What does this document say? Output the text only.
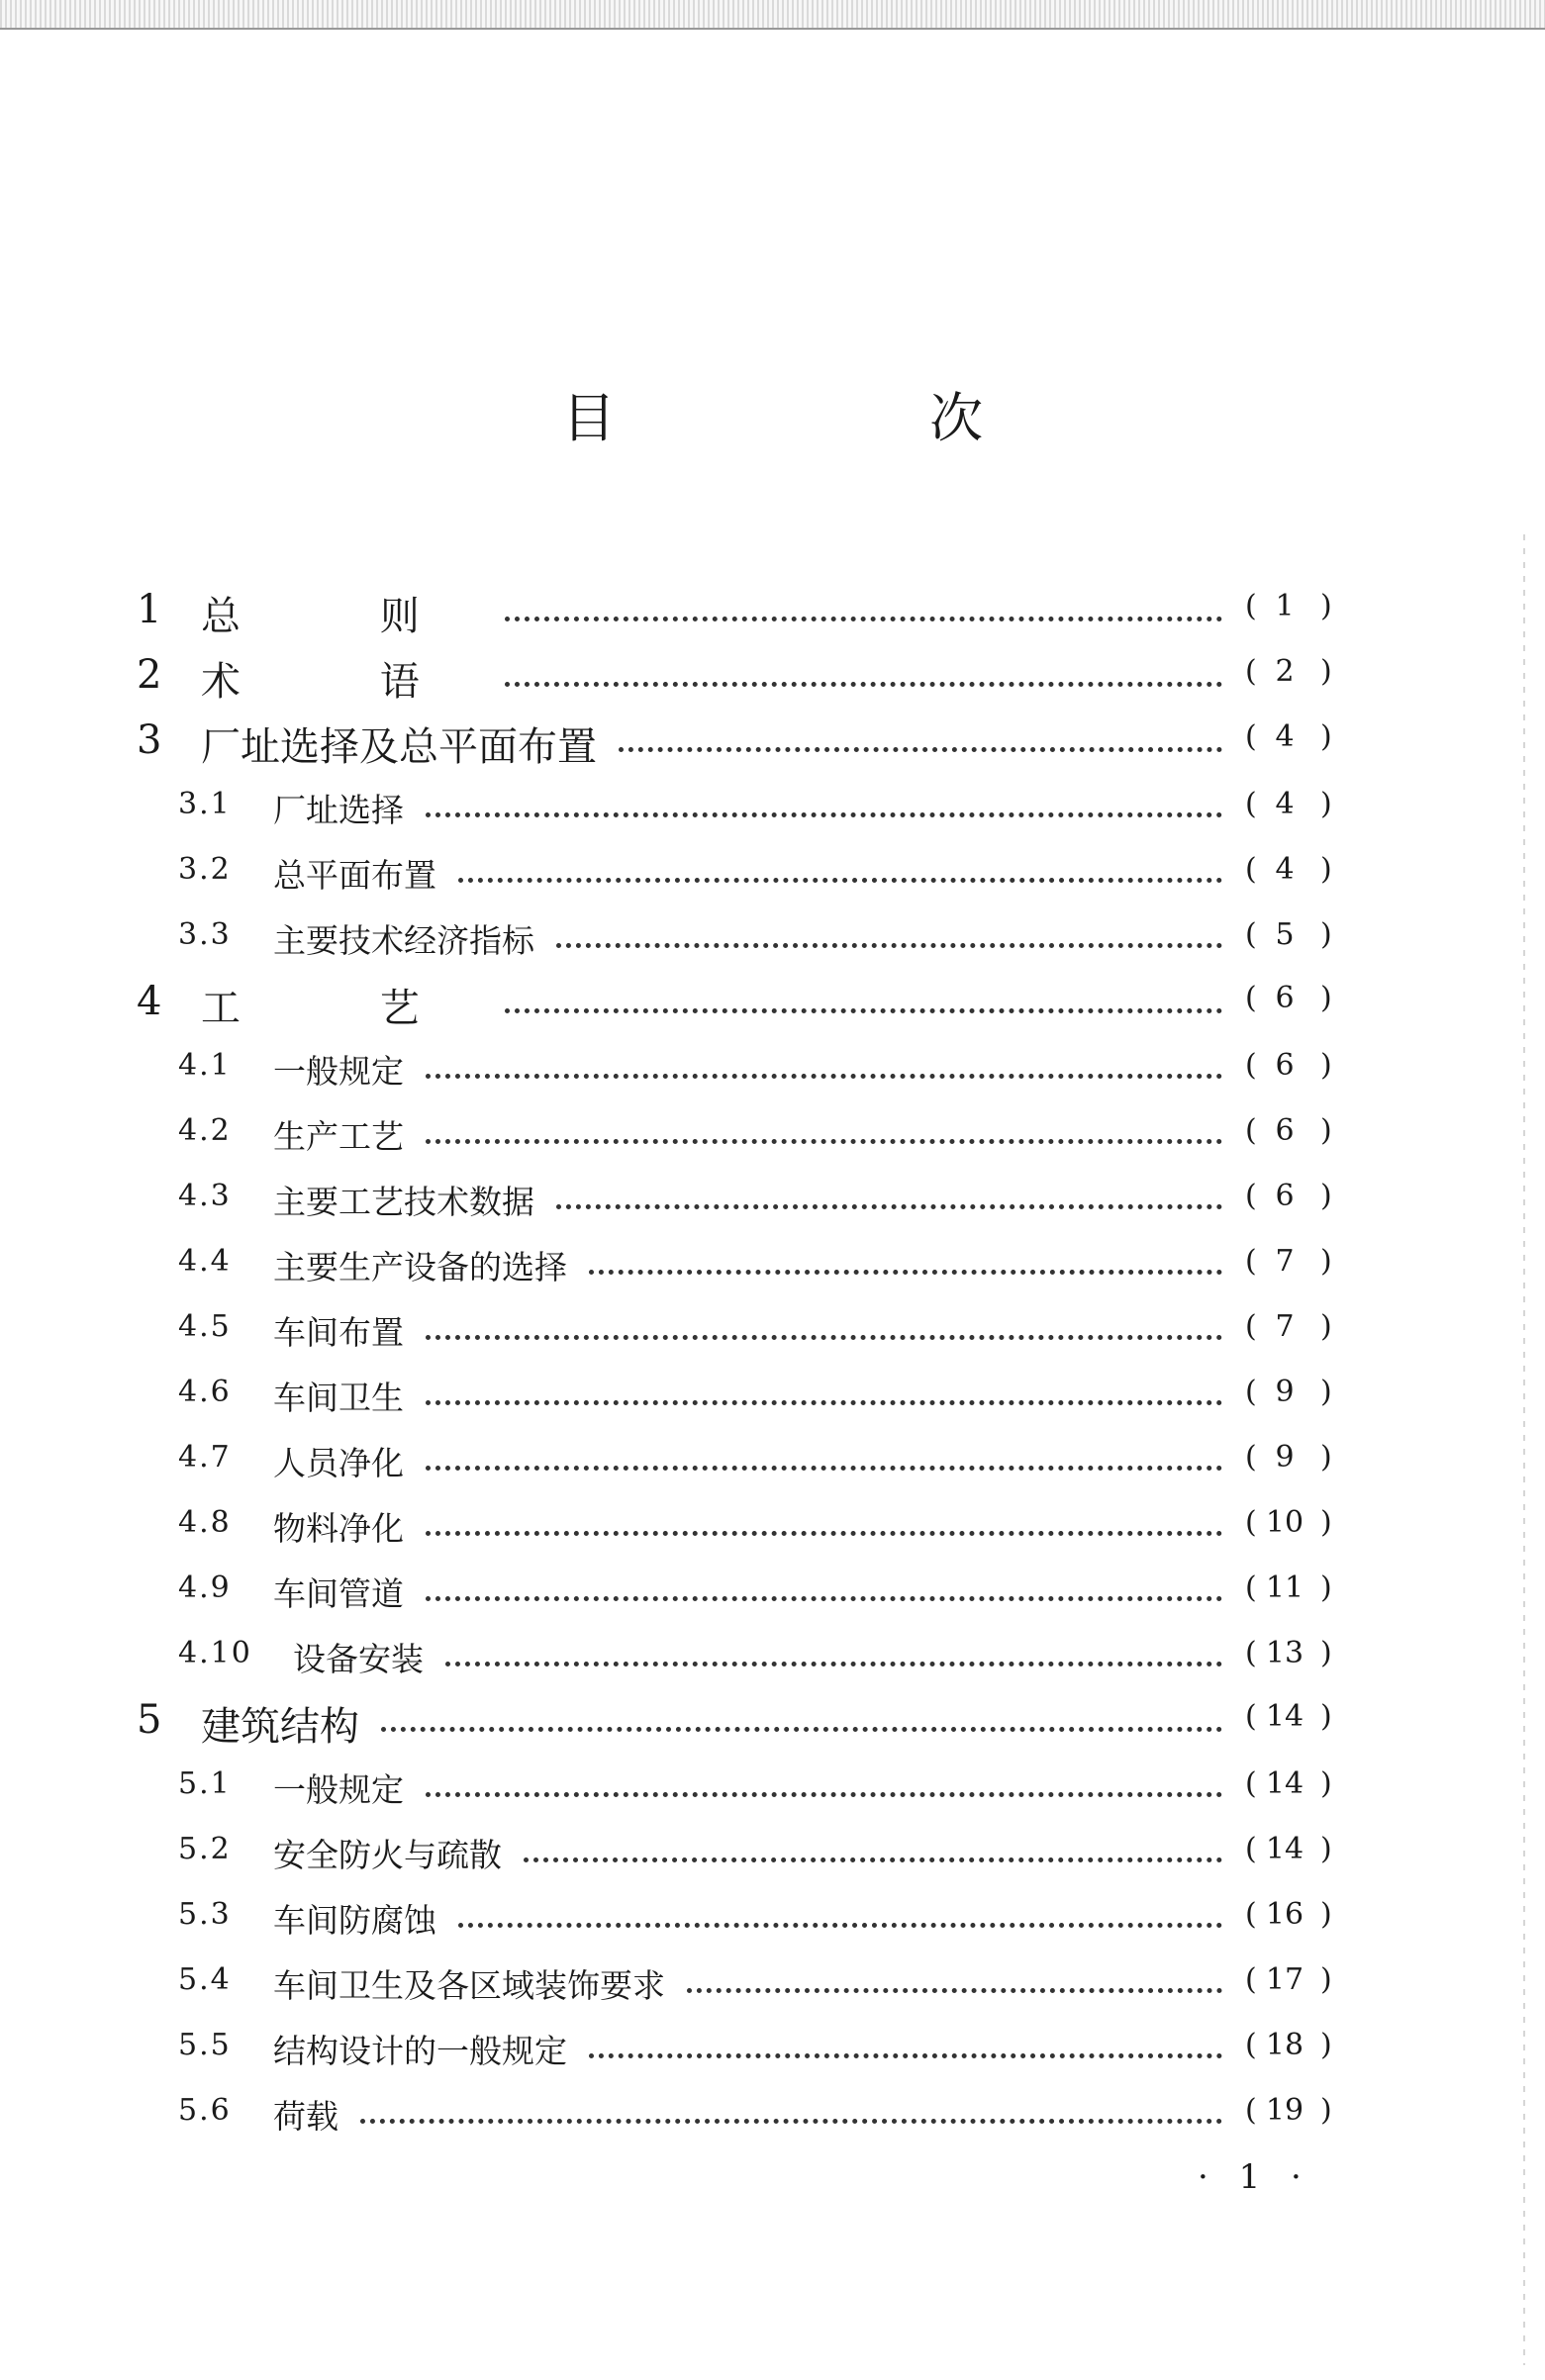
目 次
1 总 则	( 1 )
2 术 语	( 2 )
3 厂址选择及总平面布置	( 4 )
3.1 厂址选择	( 4 )
3.2 总平面布置	( 4 )
3.3 主要技术经济指标	( 5 )
4 工 艺	( 6 )
4.1 一般规定	( 6 )
4.2 生产工艺	( 6 )
4.3 主要工艺技术数据	( 6 )
4.4 主要生产设备的选择	( 7 )
4.5 车间布置	( 7 )
4.6 车间卫生	( 9 )
4.7 人员净化	( 9 )
4.8 物料净化	( 10 )
4.9 车间管道	( 11 )
4.10 设备安装	( 13 )
5 建筑结构	( 14 )
5.1 一般规定	( 14 )
5.2 安全防火与疏散	( 14 )
5.3 车间防腐蚀	( 16 )
5.4 车间卫生及各区域装饰要求	( 17 )
5.5 结构设计的一般规定	( 18 )
5.6 荷载	( 19 )
· 1 ·
